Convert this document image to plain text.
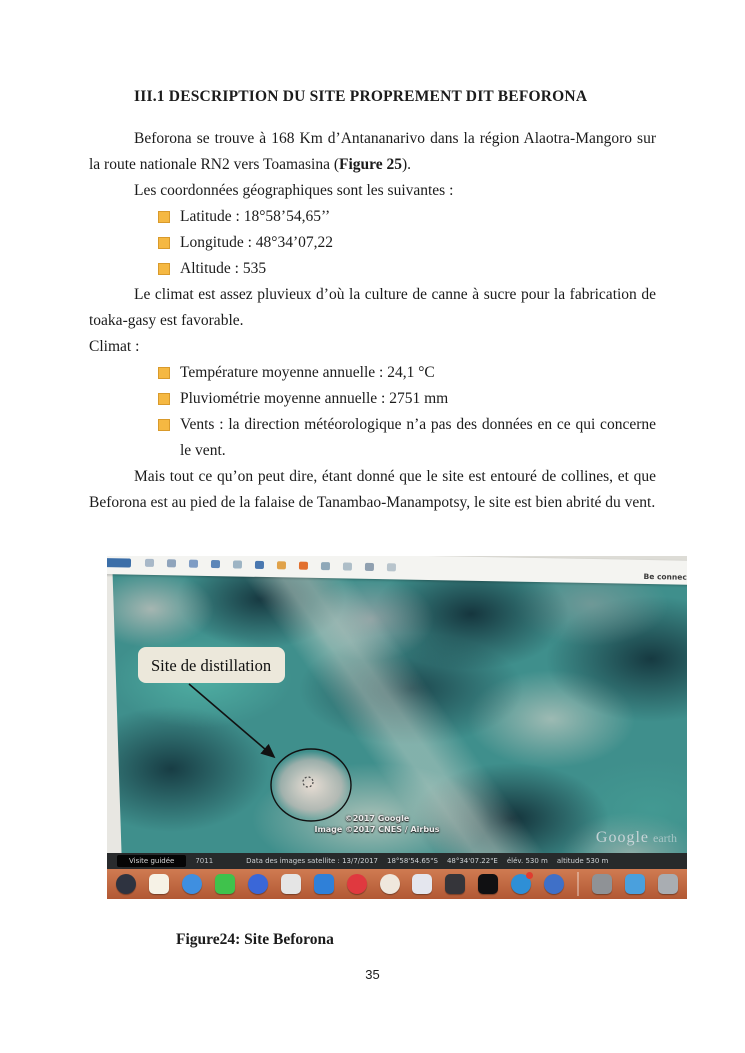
III.1 DESCRIPTION DU SITE PROPREMENT DIT BEFORONA

Beforona se trouve à 168 Km d’Antananarivo dans la région Alaotra-Mangoro sur la route nationale RN2 vers Toamasina (Figure 25).

Les coordonnées géographiques sont les suivantes :

Latitude : 18°58’54,65’’
Longitude : 48°34’07,22
Altitude : 535

Le climat est assez pluvieux d’où la culture de canne à sucre pour la fabrication de toaka-gasy est favorable.

Climat :

Température moyenne annuelle : 24,1 °C
Pluviométrie moyenne annuelle : 2751 mm
Vents : la direction météorologique n’a pas des données en ce qui concerne le vent.

Mais tout ce qu’on peut dire, étant donné que le site est entouré de collines, et que Beforona est au pied de la falaise de Tanambao-Manampotsy, le site est bien abrité du vent.

Be connec
©2017 Google
Image ©2017 CNES / Airbus	Google earth
Visite guidée	7011	Data des images satellite : 13/7/2017 18°58'54.65"S 48°34'07.22"E élév. 530 m altitude 530 m
Site de distillation

Figure24: Site Beforona

35
